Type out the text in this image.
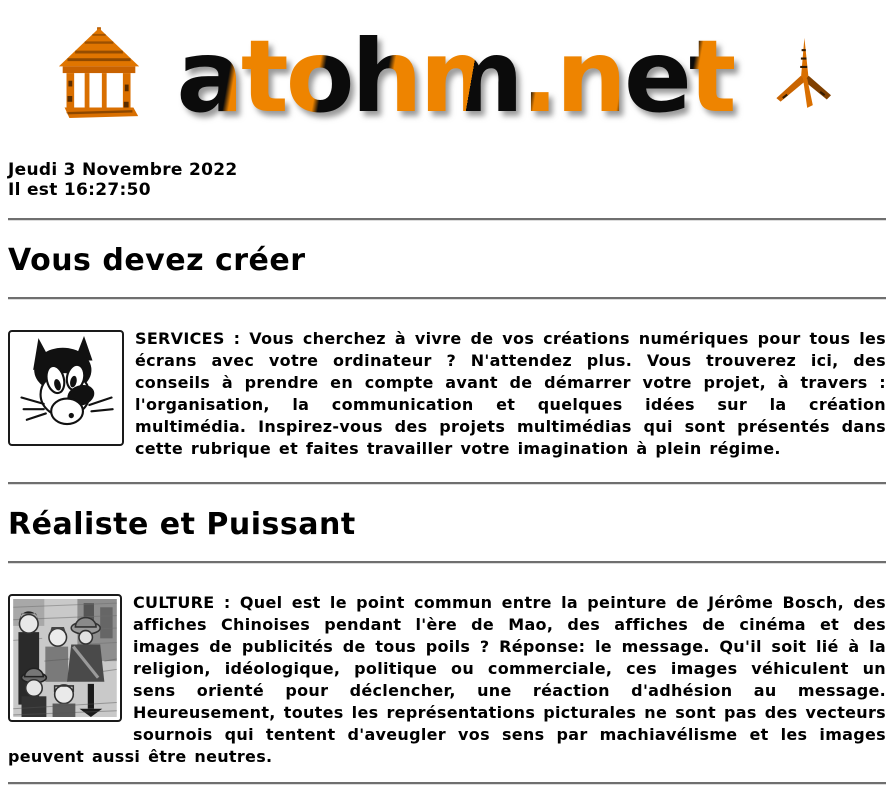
atohm.net
Jeudi 3 Novembre 2022
Il est 16:27:50
Vous devez créer

SERVICES : Vous cherchez à vivre de vos créations numériques pour tous les écrans avec votre ordinateur ? N'attendez plus. Vous trouverez ici, des conseils à prendre en compte avant de démarrer votre projet, à travers : l'organisation, la communication et quelques idées sur la création multimédia. Inspirez-vous des projets multimédias qui sont présentés dans cette rubrique et faites travailler votre imagination à plein régime.

Réaliste et Puissant

CULTURE : Quel est le point commun entre la peinture de Jérôme Bosch, des affiches Chinoises pendant l'ère de Mao, des affiches de cinéma et des images de publicités de tous poils ? Réponse: le message. Qu'il soit lié à la religion, idéologique, politique ou commerciale, ces images véhiculent un sens orienté pour déclencher, une réaction d'adhésion au message. Heureusement, toutes les représentations picturales ne sont pas des vecteurs sournois qui tentent d'aveugler vos sens par machiavélisme et les images peuvent aussi être neutres.
